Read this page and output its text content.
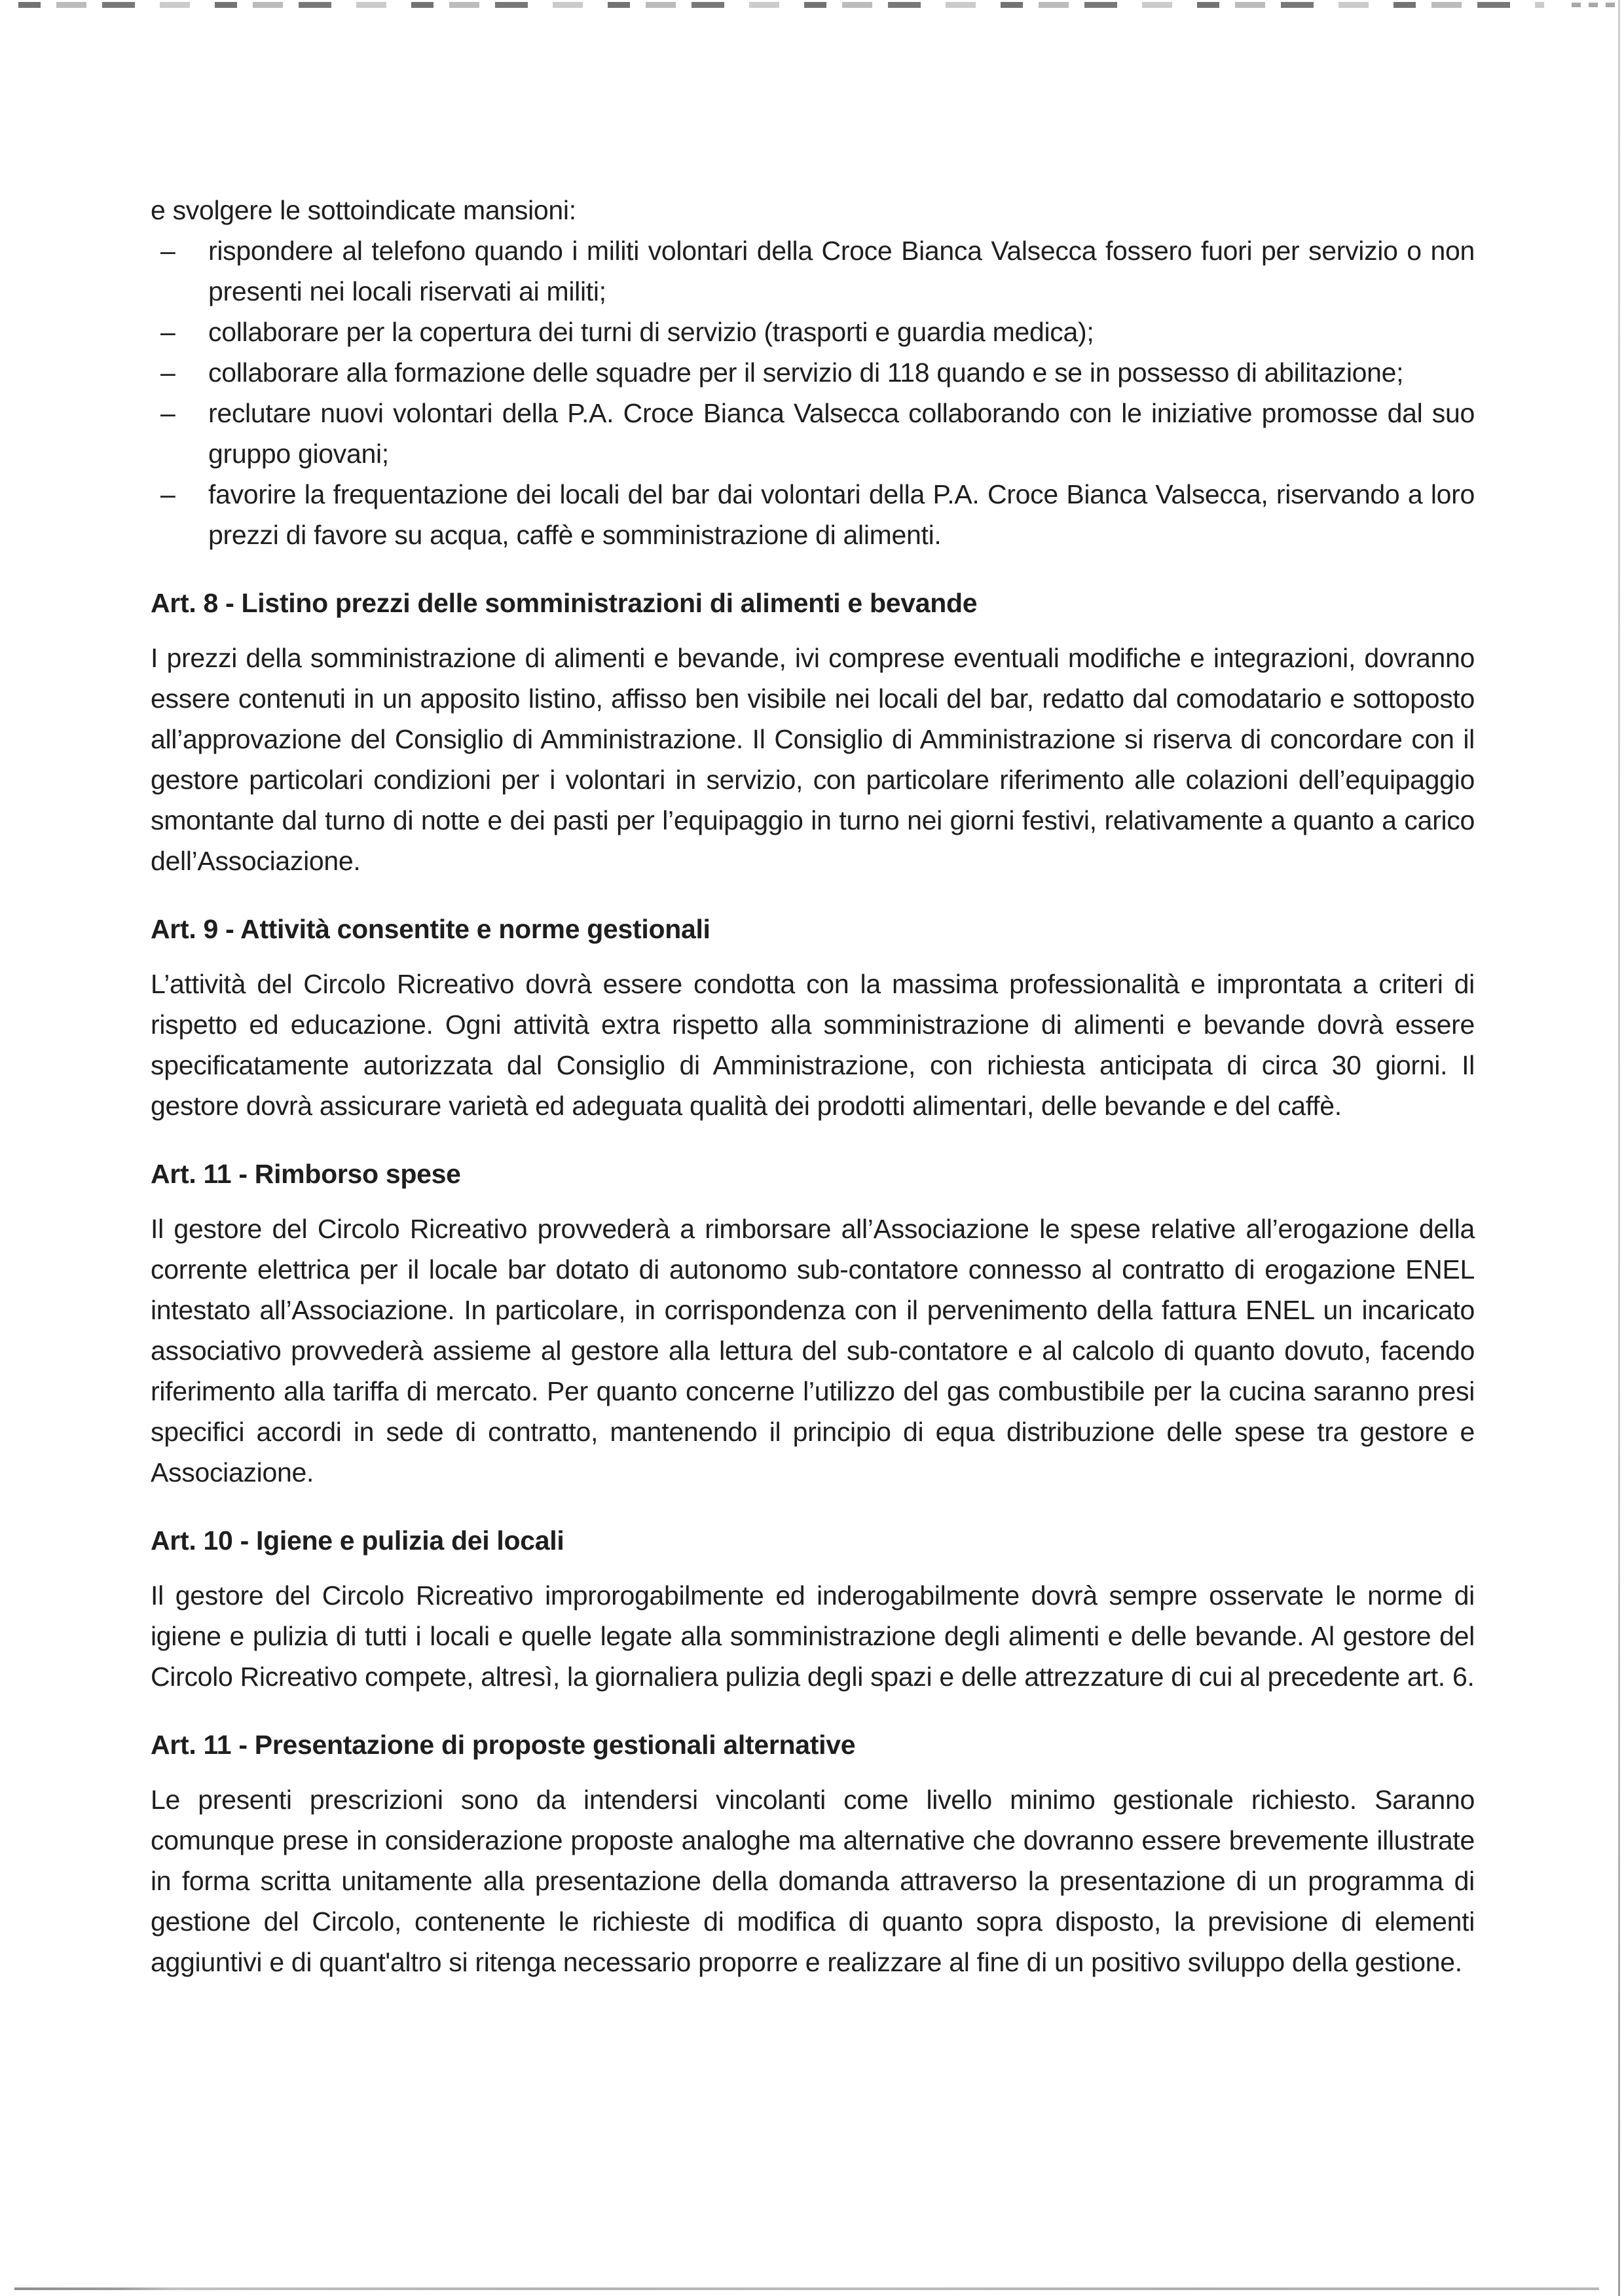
e svolgere le sottoindicate mansioni:

–	rispondere al telefono quando i militi volontari della Croce Bianca Valsecca fossero fuori per servizio o non presenti nei locali riservati ai militi;
–	collaborare per la copertura dei turni di servizio (trasporti e guardia medica);
–	collaborare alla formazione delle squadre per il servizio di 118 quando e se in possesso di abilitazione;
–	reclutare nuovi volontari della P.A. Croce Bianca Valsecca collaborando con le iniziative promosse dal suo gruppo giovani;
–	favorire la frequentazione dei locali del bar dai volontari della P.A. Croce Bianca Valsecca, riservando a loro prezzi di favore su acqua, caffè e somministrazione di alimenti.
Art. 8 - Listino prezzi delle somministrazioni di alimenti e bevande

I prezzi della somministrazione di alimenti e bevande, ivi comprese eventuali modifiche e integrazioni, dovranno essere contenuti in un apposito listino, affisso ben visibile nei locali del bar, redatto dal comodatario e sottoposto all’approvazione del Consiglio di Amministrazione. Il Consiglio di Amministrazione si riserva di concordare con il gestore particolari condizioni per i volontari in servizio, con particolare riferimento alle colazioni dell’equipaggio smontante dal turno di notte e dei pasti per l’equipaggio in turno nei giorni festivi, relativamente a quanto a carico dell’Associazione.

Art. 9 - Attività consentite e norme gestionali

L’attività del Circolo Ricreativo dovrà essere condotta con la massima professionalità e improntata a criteri di rispetto ed educazione. Ogni attività extra rispetto alla somministrazione di alimenti e bevande dovrà essere specificatamente autorizzata dal Consiglio di Amministrazione, con richiesta anticipata di circa 30 giorni. Il gestore dovrà assicurare varietà ed adeguata qualità dei prodotti alimentari, delle bevande e del caffè.

Art. 11 - Rimborso spese

Il gestore del Circolo Ricreativo provvederà a rimborsare all’Associazione le spese relative all’erogazione della corrente elettrica per il locale bar dotato di autonomo sub-contatore connesso al contratto di erogazione ENEL intestato all’Associazione. In particolare, in corrispondenza con il pervenimento della fattura ENEL un incaricato associativo provvederà assieme al gestore alla lettura del sub-contatore e al calcolo di quanto dovuto, facendo riferimento alla tariffa di mercato. Per quanto concerne l’utilizzo del gas combustibile per la cucina saranno presi specifici accordi in sede di contratto, mantenendo il principio di equa distribuzione delle spese tra gestore e Associazione.

Art. 10 - Igiene e pulizia dei locali

Il gestore del Circolo Ricreativo improrogabilmente ed inderogabilmente dovrà sempre osservate le norme di igiene e pulizia di tutti i locali e quelle legate alla somministrazione degli alimenti e delle bevande. Al gestore del Circolo Ricreativo compete, altresì, la giornaliera pulizia degli spazi e delle attrezzature di cui al precedente art. 6.

Art. 11 - Presentazione di proposte gestionali alternative

Le presenti prescrizioni sono da intendersi vincolanti come livello minimo gestionale richiesto. Saranno comunque prese in considerazione proposte analoghe ma alternative che dovranno essere brevemente illustrate in forma scritta unitamente alla presentazione della domanda attraverso la presentazione di un programma di gestione del Circolo, contenente le richieste di modifica di quanto sopra disposto, la previsione di elementi aggiuntivi e di quant'altro si ritenga necessario proporre e realizzare al fine di un positivo sviluppo della gestione.
